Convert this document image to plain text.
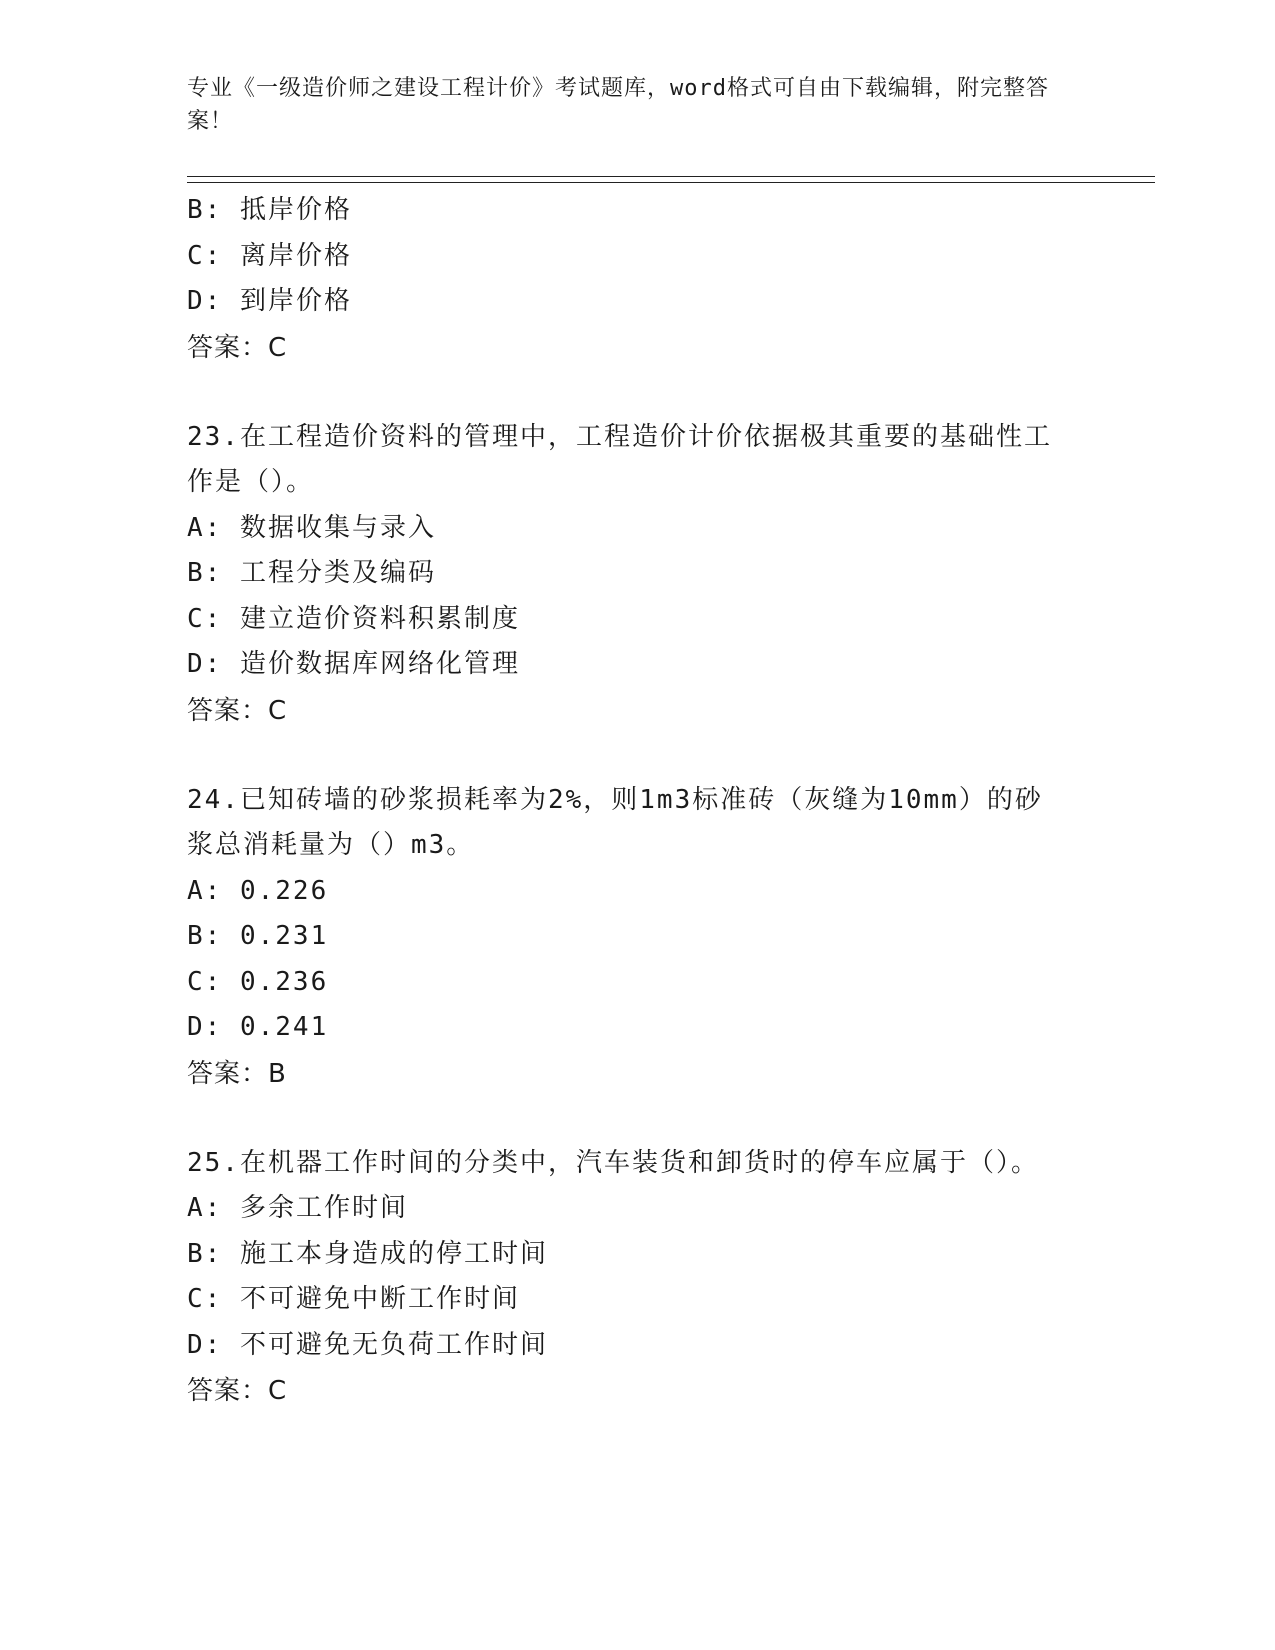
专业《一级造价师之建设工程计价》考试题库，word格式可自由下载编辑，附完整答案！
B: 抵岸价格
C: 离岸价格
D: 到岸价格
答案：C
23.在工程造价资料的管理中，工程造价计价依据极其重要的基础性工
作是（）。
A: 数据收集与录入
B: 工程分类及编码
C: 建立造价资料积累制度
D: 造价数据库网络化管理
答案：C
24.已知砖墙的砂浆损耗率为2%，则1m3标准砖（灰缝为10mm）的砂
浆总消耗量为（）m3。
A: 0.226
B: 0.231
C: 0.236
D: 0.241
答案：B
25.在机器工作时间的分类中，汽车装货和卸货时的停车应属于（）。
A: 多余工作时间
B: 施工本身造成的停工时间
C: 不可避免中断工作时间
D: 不可避免无负荷工作时间
答案：C
